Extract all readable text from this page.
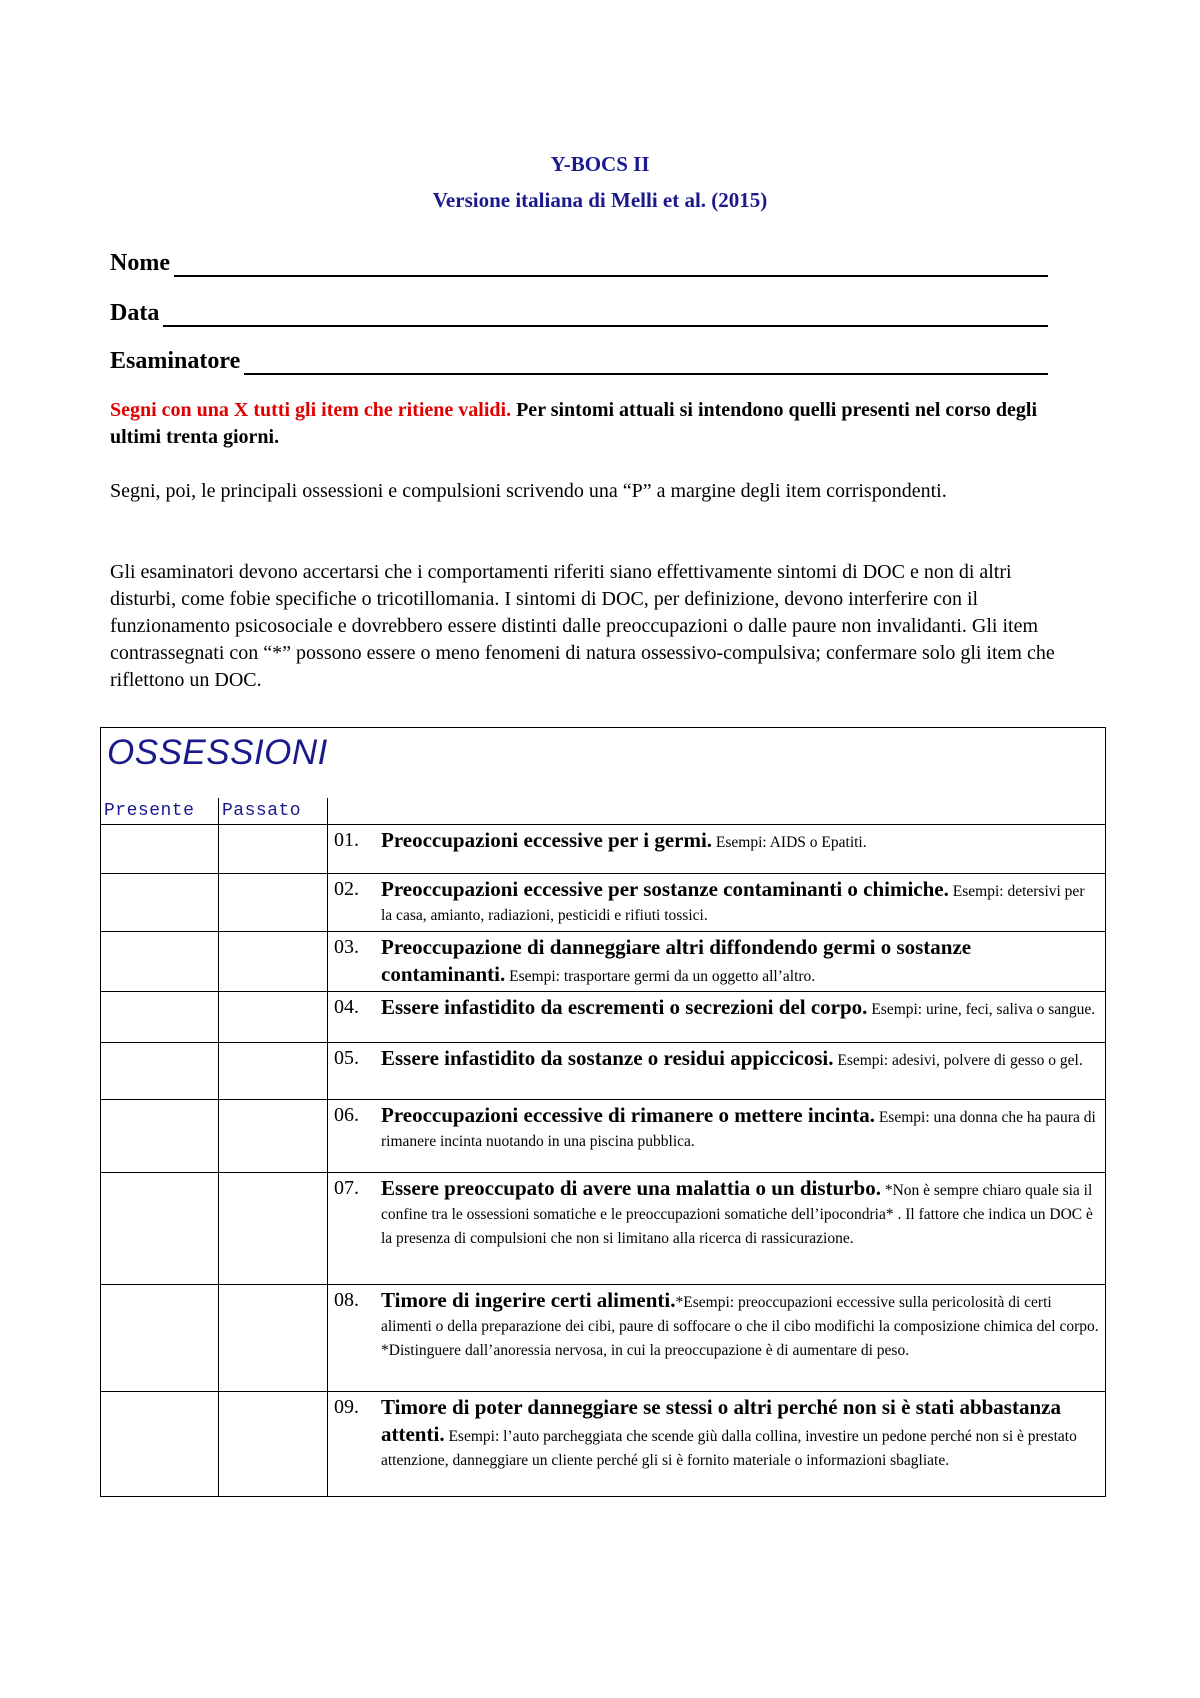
Y-BOCS II
Versione italiana di Melli et al. (2015)
Nome
Data
Esaminatore
Segni con una X tutti gli item che ritiene validi. Per sintomi attuali si intendono quelli presenti nel corso degli ultimi trenta giorni.
Segni, poi, le principali ossessioni e compulsioni scrivendo una “P” a margine degli item corrispondenti.
Gli esaminatori devono accertarsi che i comportamenti riferiti siano effettivamente sintomi di DOC e non di altri disturbi, come fobie specifiche o tricotillomania. I sintomi di DOC, per definizione, devono interferire con il funzionamento psicosociale e dovrebbero essere distinti dalle preoccupazioni o dalle paure non invalidanti. Gli item contrassegnati con “*” possono essere o meno fenomeni di natura ossessivo-compulsiva; confermare solo gli item che riflettono un DOC.
OSSESSIONI		

Presente	Passato	

		01. Preoccupazioni eccessive per i germi. Esempi: AIDS o Epatiti.

		02. Preoccupazioni eccessive per sostanze contaminanti o chimiche. Esempi: detersivi per la casa, amianto, radiazioni, pesticidi e rifiuti tossici.

		03. Preoccupazione di danneggiare altri diffondendo germi o sostanze contaminanti. Esempi: trasportare germi da un oggetto all’altro.

		04. Essere infastidito da escrementi o secrezioni del corpo. Esempi: urine, feci, saliva o sangue.

		05. Essere infastidito da sostanze o residui appiccicosi. Esempi: adesivi, polvere di gesso o gel.

		06. Preoccupazioni eccessive di rimanere o mettere incinta. Esempi: una donna che ha paura di rimanere incinta nuotando in una piscina pubblica.

		07. Essere preoccupato di avere una malattia o un disturbo. *Non è sempre chiaro quale sia il confine tra le ossessioni somatiche e le preoccupazioni somatiche dell’ipocondria* . Il fattore che indica un DOC è la presenza di compulsioni che non si limitano alla ricerca di rassicurazione.

		08. Timore di ingerire certi alimenti.*Esempi: preoccupazioni eccessive sulla pericolosità di certi alimenti o della preparazione dei cibi, paure di soffocare o che il cibo modifichi la composizione chimica del corpo. *Distinguere dall’anoressia nervosa, in cui la preoccupazione è di aumentare di peso.

		09. Timore di poter danneggiare se stessi o altri perché non si è stati abbastanza attenti. Esempi: l’auto parcheggiata che scende giù dalla collina, investire un pedone perché non si è prestato attenzione, danneggiare un cliente perché gli si è fornito materiale o informazioni sbagliate.
